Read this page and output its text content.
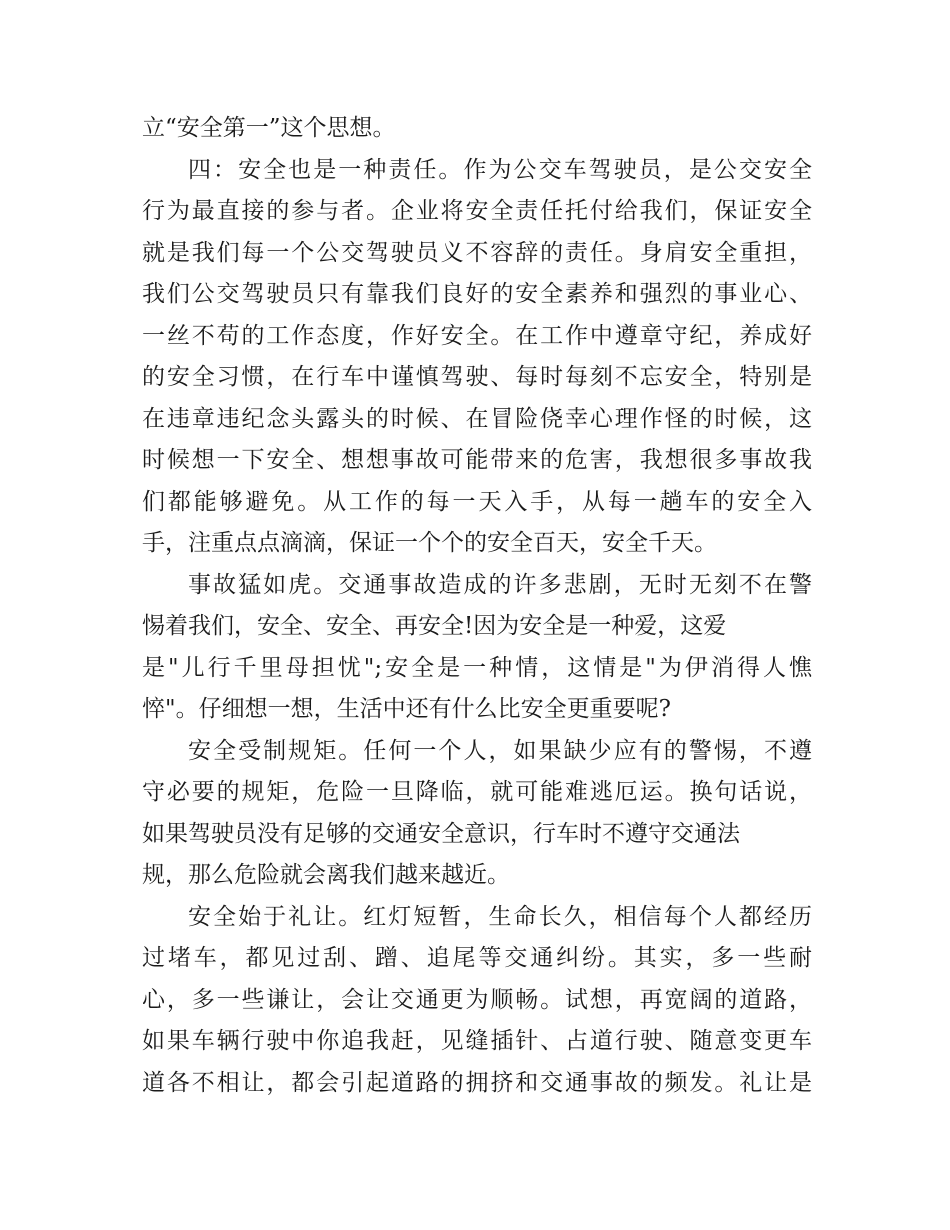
立“安全第一”这个思想。
四：安全也是一种责任。作为公交车驾驶员，是公交安全
行为最直接的参与者。企业将安全责任托付给我们，保证安全
就是我们每一个公交驾驶员义不容辞的责任。身肩安全重担，
我们公交驾驶员只有靠我们良好的安全素养和强烈的事业心、
一丝不苟的工作态度，作好安全。在工作中遵章守纪，养成好
的安全习惯，在行车中谨慎驾驶、每时每刻不忘安全，特别是
在违章违纪念头露头的时候、在冒险侥幸心理作怪的时候，这
时候想一下安全、想想事故可能带来的危害，我想很多事故我
们都能够避免。从工作的每一天入手，从每一趟车的安全入
手，注重点点滴滴，保证一个个的安全百天，安全千天。
事故猛如虎。交通事故造成的许多悲剧，无时无刻不在警
惕着我们，安全、安全、再安全!因为安全是一种爱，这爱
是"儿行千里母担忧";安全是一种情，这情是"为伊消得人憔
悴"。仔细想一想，生活中还有什么比安全更重要呢?
安全受制规矩。任何一个人，如果缺少应有的警惕，不遵
守必要的规矩，危险一旦降临，就可能难逃厄运。换句话说，
如果驾驶员没有足够的交通安全意识，行车时不遵守交通法
规，那么危险就会离我们越来越近。
安全始于礼让。红灯短暂，生命长久，相信每个人都经历
过堵车，都见过刮、蹭、追尾等交通纠纷。其实，多一些耐
心，多一些谦让，会让交通更为顺畅。试想，再宽阔的道路，
如果车辆行驶中你追我赶，见缝插针、占道行驶、随意变更车
道各不相让，都会引起道路的拥挤和交通事故的频发。礼让是
